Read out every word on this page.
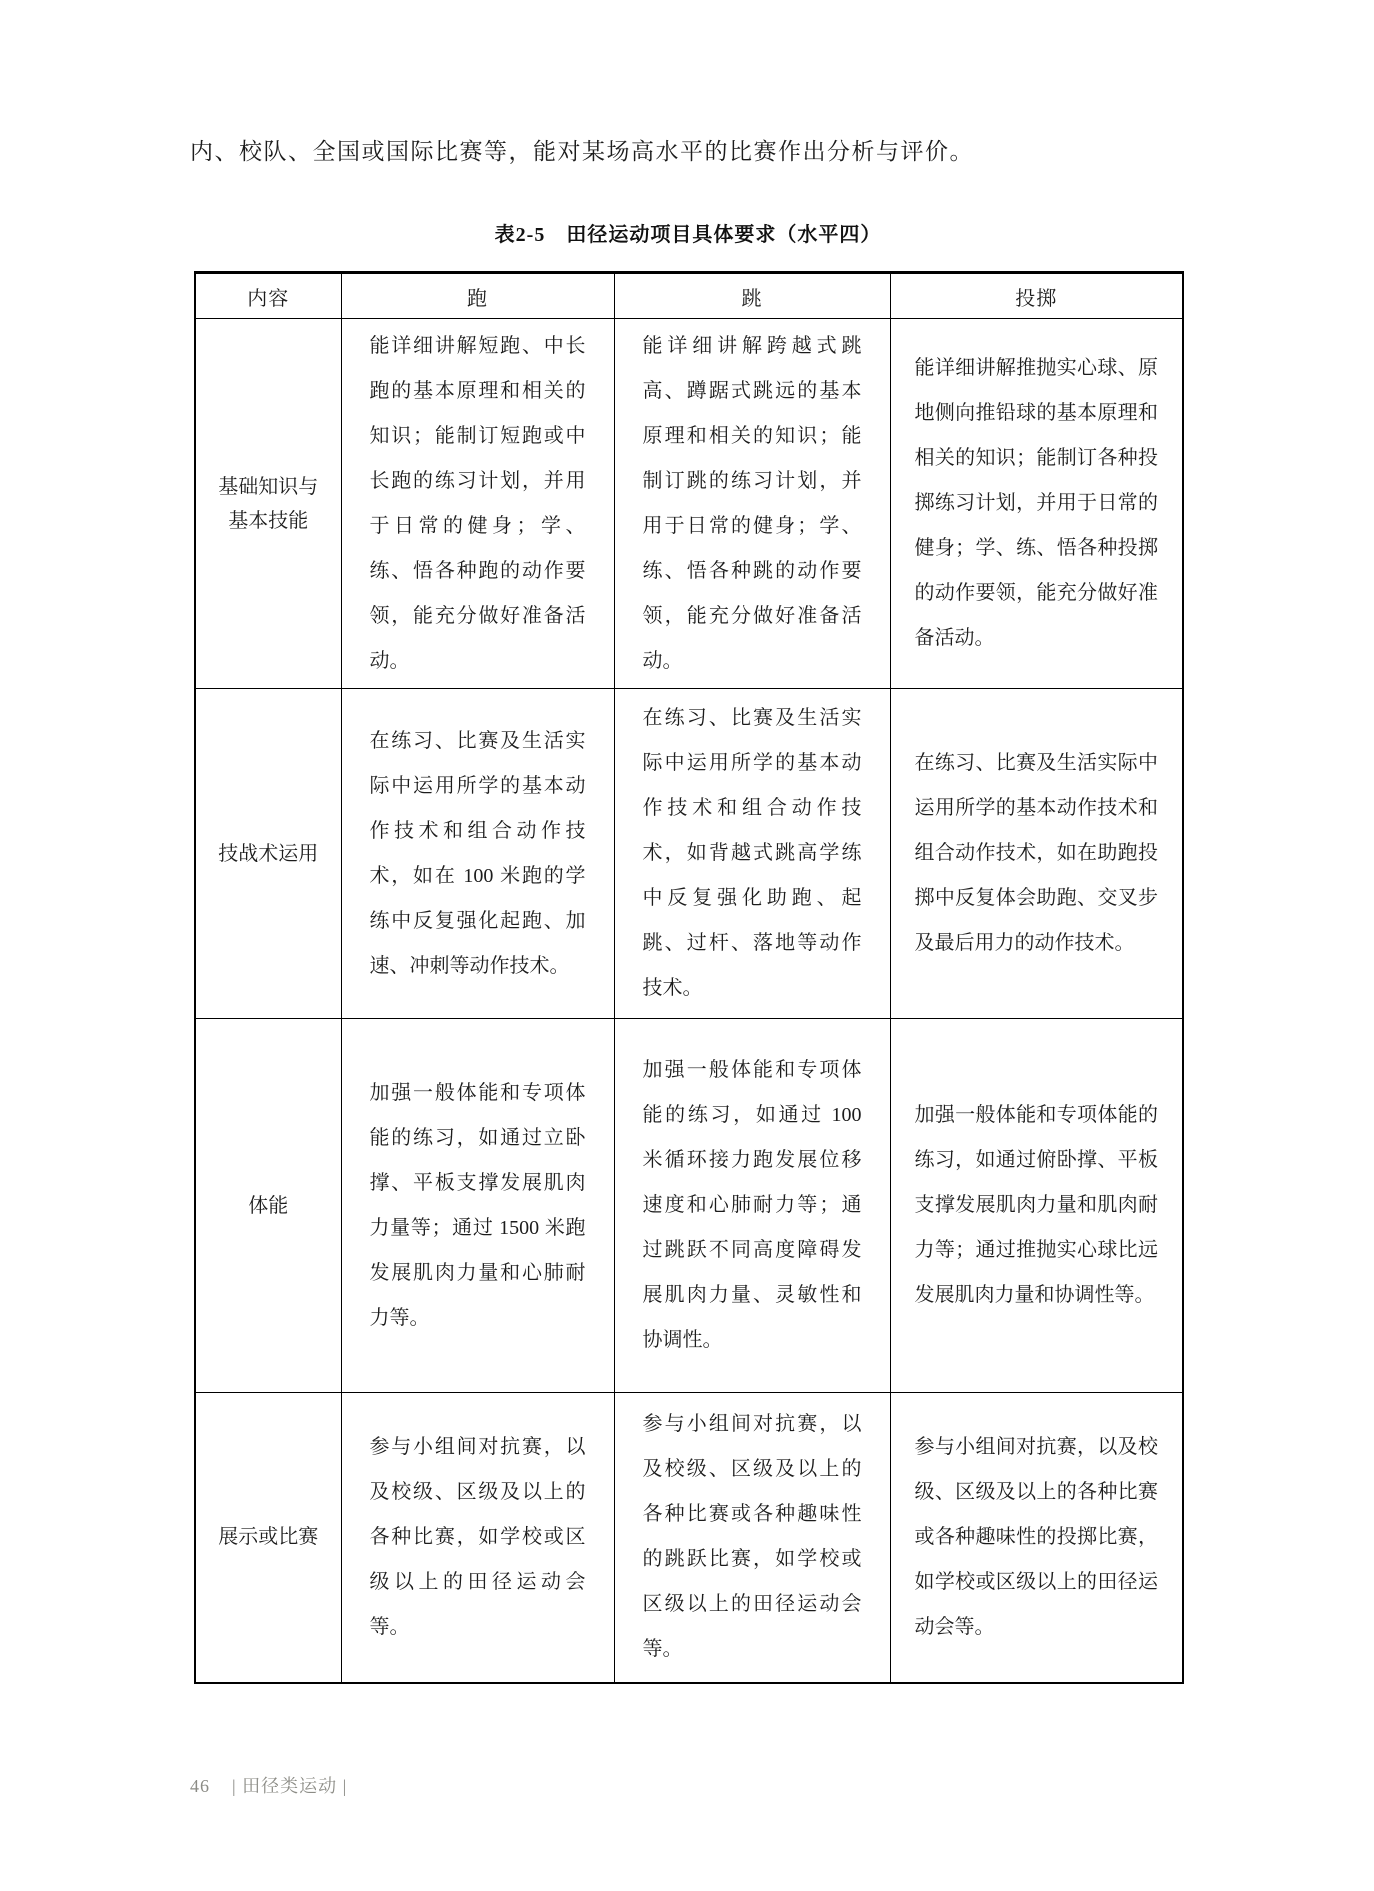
内、校队、全国或国际比赛等，能对某场高水平的比赛作出分析与评价。

表2-5　田径运动项目具体要求（水平四）
内容	跑	跳	投掷
基础知识与基本技能	能详细讲解短跑、中长跑的基本原理和相关的知识；能制订短跑或中长跑的练习计划，并用于日常的健身；学、练、悟各种跑的动作要领，能充分做好准备活动。	能详细讲解跨越式跳高、蹲踞式跳远的基本原理和相关的知识；能制订跳的练习计划，并用于日常的健身；学、练、悟各种跳的动作要领，能充分做好准备活动。	能详细讲解推抛实心球、原地侧向推铅球的基本原理和相关的知识；能制订各种投掷练习计划，并用于日常的健身；学、练、悟各种投掷的动作要领，能充分做好准备活动。
技战术运用	在练习、比赛及生活实际中运用所学的基本动作技术和组合动作技术，如在 100 米跑的学练中反复强化起跑、加速、冲刺等动作技术。	在练习、比赛及生活实际中运用所学的基本动作技术和组合动作技术，如背越式跳高学练中反复强化助跑、起跳、过杆、落地等动作技术。	在练习、比赛及生活实际中运用所学的基本动作技术和组合动作技术，如在助跑投掷中反复体会助跑、交叉步及最后用力的动作技术。
体能	加强一般体能和专项体能的练习，如通过立卧撑、平板支撑发展肌肉力量等；通过 1500 米跑发展肌肉力量和心肺耐力等。	加强一般体能和专项体能的练习，如通过 100 米循环接力跑发展位移速度和心肺耐力等；通过跳跃不同高度障碍发展肌肉力量、灵敏性和协调性。	加强一般体能和专项体能的练习，如通过俯卧撑、平板支撑发展肌肉力量和肌肉耐力等；通过推抛实心球比远发展肌肉力量和协调性等。
展示或比赛	参与小组间对抗赛，以及校级、区级及以上的各种比赛，如学校或区级以上的田径运动会等。	参与小组间对抗赛，以及校级、区级及以上的各种比赛或各种趣味性的跳跃比赛，如学校或区级以上的田径运动会等。	参与小组间对抗赛，以及校级、区级及以上的各种比赛或各种趣味性的投掷比赛，如学校或区级以上的田径运动会等。
46 | 田径类运动 |
